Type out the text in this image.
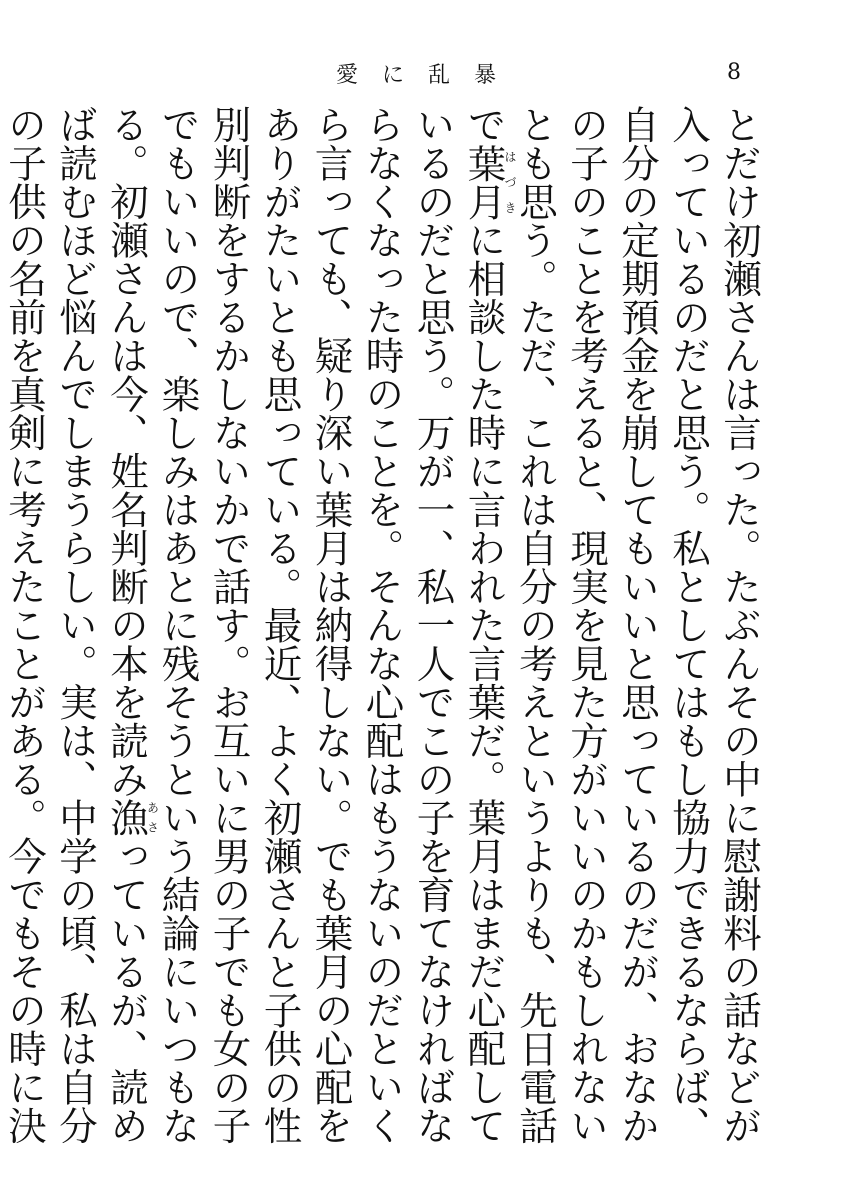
愛に乱暴	8

とだけ初瀬さんは言った。たぶんその中に慰謝料の話などが入っているのだと思う。私としてはもし協力できるならば、自分の定期預金を崩してもいいと思っているのだが、おなかの子のことを考えると、現実を見た方がいいのかもしれないとも思う。ただ、これは自分の考えというよりも、先日電話で葉月はづきに相談した時に言われた言葉だ。葉月はまだ心配しているのだと思う。万が一、私一人でこの子を育てなければならなくなった時のことを。そんな心配はもうないのだといくら言っても、疑り深い葉月は納得しない。でも葉月の心配をありがたいとも思っている。最近、よく初瀬さんと子供の性別判断をするかしないかで話す。お互いに男の子でも女の子でもいいので、楽しみはあとに残そうという結論にいつもなる。初瀬さんは今、姓名判断の本を読み漁あさっているが、読めば読むほど悩んでしまうらしい。実は、中学の頃、私は自分の子供の名前を真剣に考えたことがある。今でもその時に決
